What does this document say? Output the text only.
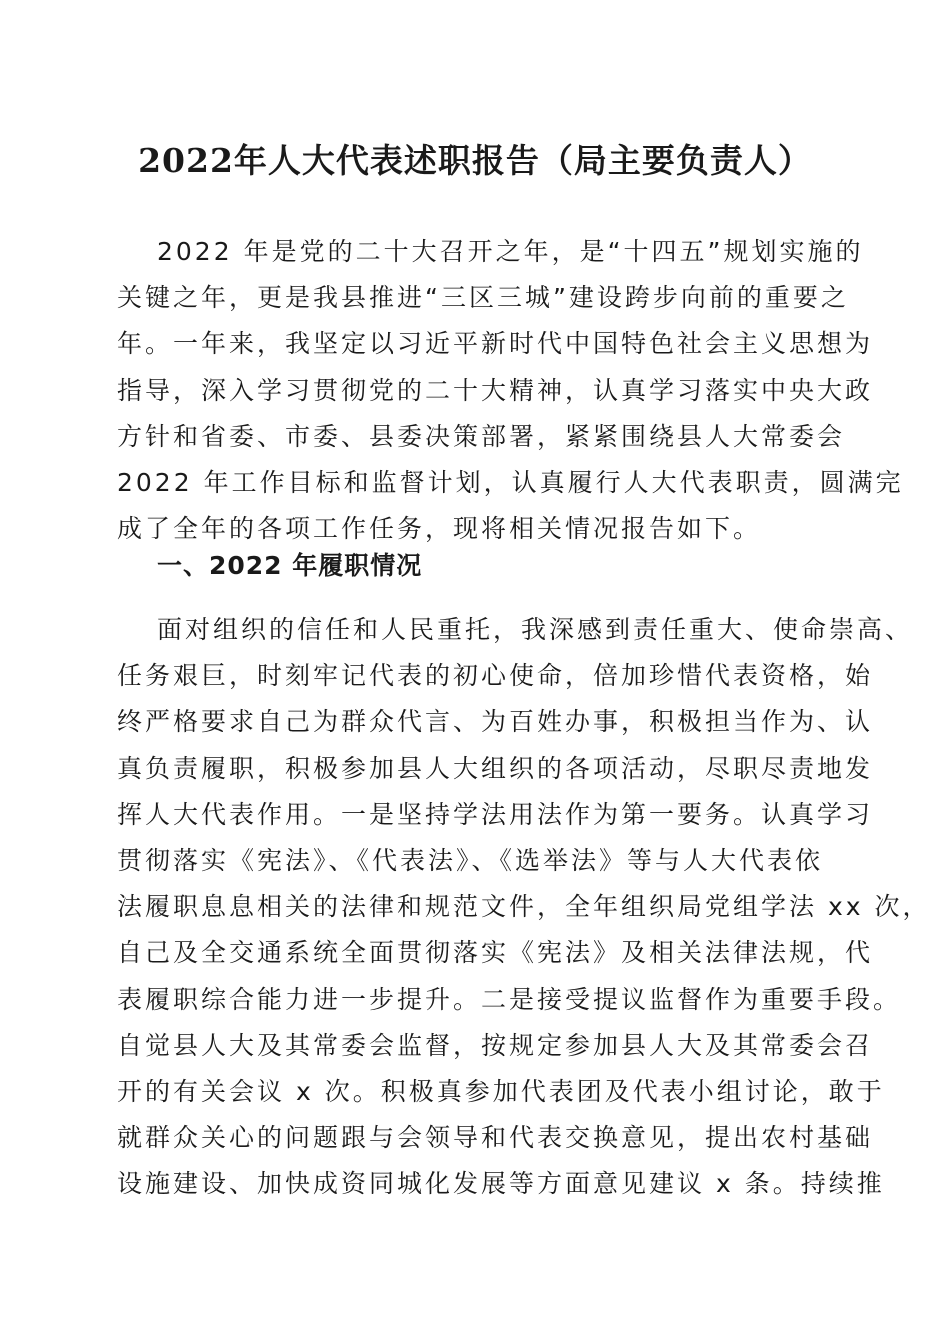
2022年人大代表述职报告（局主要负责人）
2022 年是党的二十大召开之年，是“十四五”规划实施的
关键之年，更是我县推进“三区三城”建设跨步向前的重要之
年。一年来，我坚定以习近平新时代中国特色社会主义思想为
指导，深入学习贯彻党的二十大精神，认真学习落实中央大政
方针和省委、市委、县委决策部署，紧紧围绕县人大常委会
2022 年工作目标和监督计划，认真履行人大代表职责，圆满完
成了全年的各项工作任务，现将相关情况报告如下。
一、2022 年履职情况
面对组织的信任和人民重托，我深感到责任重大、使命崇高、
任务艰巨，时刻牢记代表的初心使命，倍加珍惜代表资格，始
终严格要求自己为群众代言、为百姓办事，积极担当作为、认
真负责履职，积极参加县人大组织的各项活动，尽职尽责地发
挥人大代表作用。一是坚持学法用法作为第一要务。认真学习
贯彻落实《宪法》、《代表法》、《选举法》等与人大代表依
法履职息息相关的法律和规范文件，全年组织局党组学法 xx 次，
自己及全交通系统全面贯彻落实《宪法》及相关法律法规，代
表履职综合能力进一步提升。二是接受提议监督作为重要手段。
自觉县人大及其常委会监督，按规定参加县人大及其常委会召
开的有关会议 x 次。积极真参加代表团及代表小组讨论，敢于
就群众关心的问题跟与会领导和代表交换意见，提出农村基础
设施建设、加快成资同城化发展等方面意见建议 x 条。持续推
